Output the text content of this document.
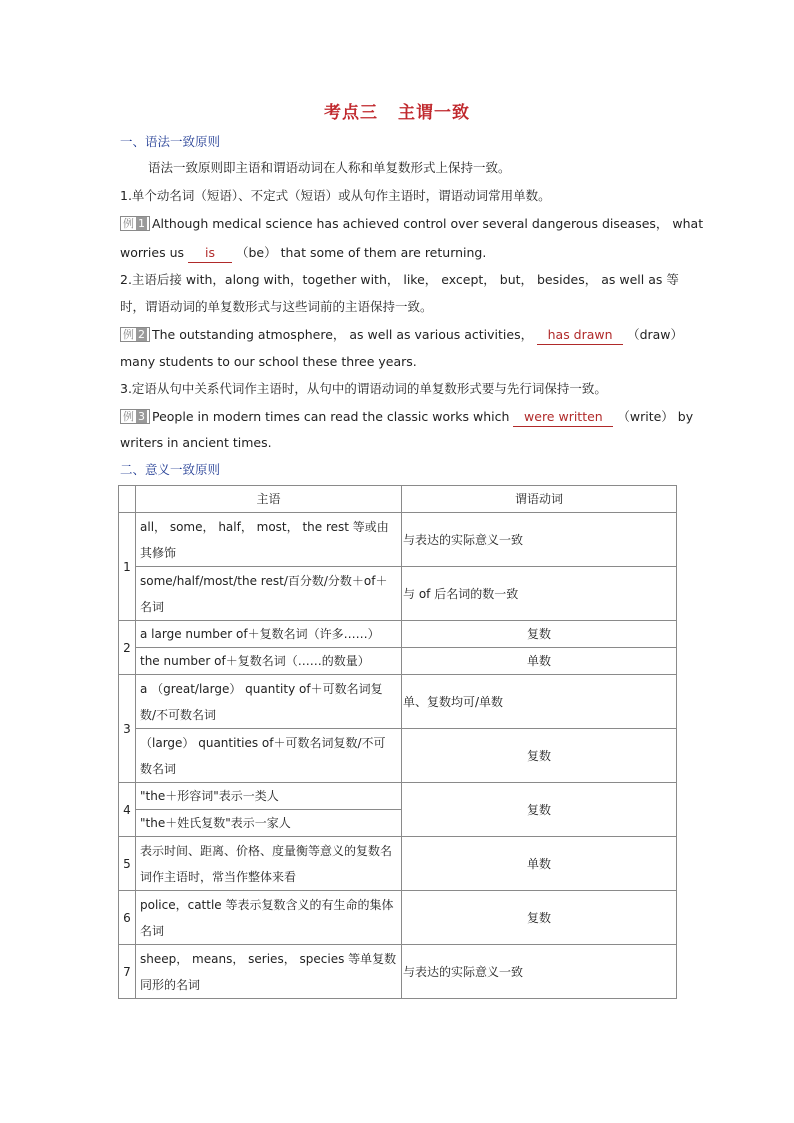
考点三 主谓一致
一、语法一致原则
语法一致原则即主语和谓语动词在人称和单复数形式上保持一致。
1.单个动名词（短语）、不定式（短语）或从句作主语时，谓语动词常用单数。
例 1 Although medical science has achieved control over several dangerous diseases， what
worries us is （be） that some of them are returning.
2.主语后接 with，along with，together with， like， except， but， besides， as well as 等
时，谓语动词的单复数形式与这些词前的主语保持一致。
例 2 The outstanding atmosphere， as well as various activities， has drawn （draw）
many students to our school these three years.
3.定语从句中关系代词作主语时，从句中的谓语动词的单复数形式要与先行词保持一致。
例 3 People in modern times can read the classic works which were written （write） by
writers in ancient times.
二、意义一致原则
	主语	谓语动词
1	all， some， half， most， the rest 等或由其修饰	与表达的实际意义一致
	some/half/most/the rest/百分数/分数＋of＋名词	与 of 后名词的数一致
2	a large number of＋复数名词（许多……）	复数
	the number of＋复数名词（……的数量）	单数
3	a （great/large） quantity of＋可数名词复数/不可数名词	单、复数均可/单数
	（large） quantities of＋可数名词复数/不可数名词	复数
4	"the＋形容词"表示一类人	复数
	"the＋姓氏复数"表示一家人	
5	表示时间、距离、价格、度量衡等意义的复数名词作主语时，常当作整体来看	单数
6	police，cattle 等表示复数含义的有生命的集体名词	复数
7	sheep， means， series， species 等单复数同形的名词	与表达的实际意义一致
